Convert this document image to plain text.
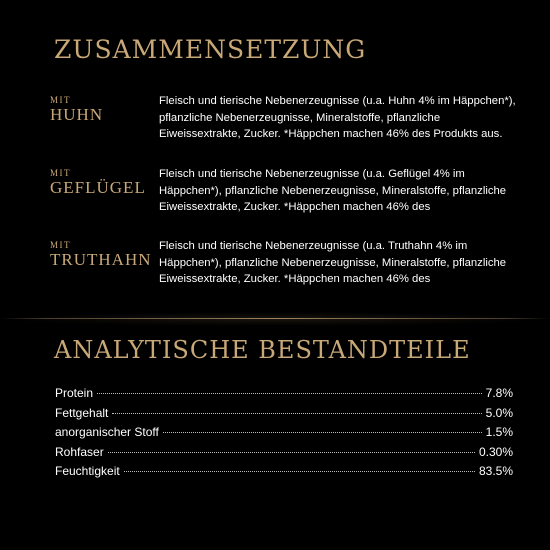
ZUSAMMENSETZUNG
MIT
HUHN

Fleisch und tierische Nebenerzeugnisse (u.a. Huhn 4% im Häppchen*), pflanzliche Nebenerzeugnisse, Mineralstoffe, pflanzliche Eiweissextrakte, Zucker. *Häppchen machen 46% des Produkts aus.

MIT
GEFLÜGEL

Fleisch und tierische Nebenerzeugnisse (u.a. Geflügel 4% im Häppchen*), pflanzliche Nebenerzeugnisse, Mineralstoffe, pflanzliche Eiweissextrakte, Zucker. *Häppchen machen 46% des

MIT
TRUTHAHN

Fleisch und tierische Nebenerzeugnisse (u.a. Truthahn 4% im Häppchen*), pflanzliche Nebenerzeugnisse, Mineralstoffe, pflanzliche Eiweissextrakte, Zucker. *Häppchen machen 46% des

ANALYTISCHE BESTANDTEILE
Protein	7.8%
Fettgehalt	5.0%
anorganischer Stoff	1.5%
Rohfaser	0.30%
Feuchtigkeit	83.5%
